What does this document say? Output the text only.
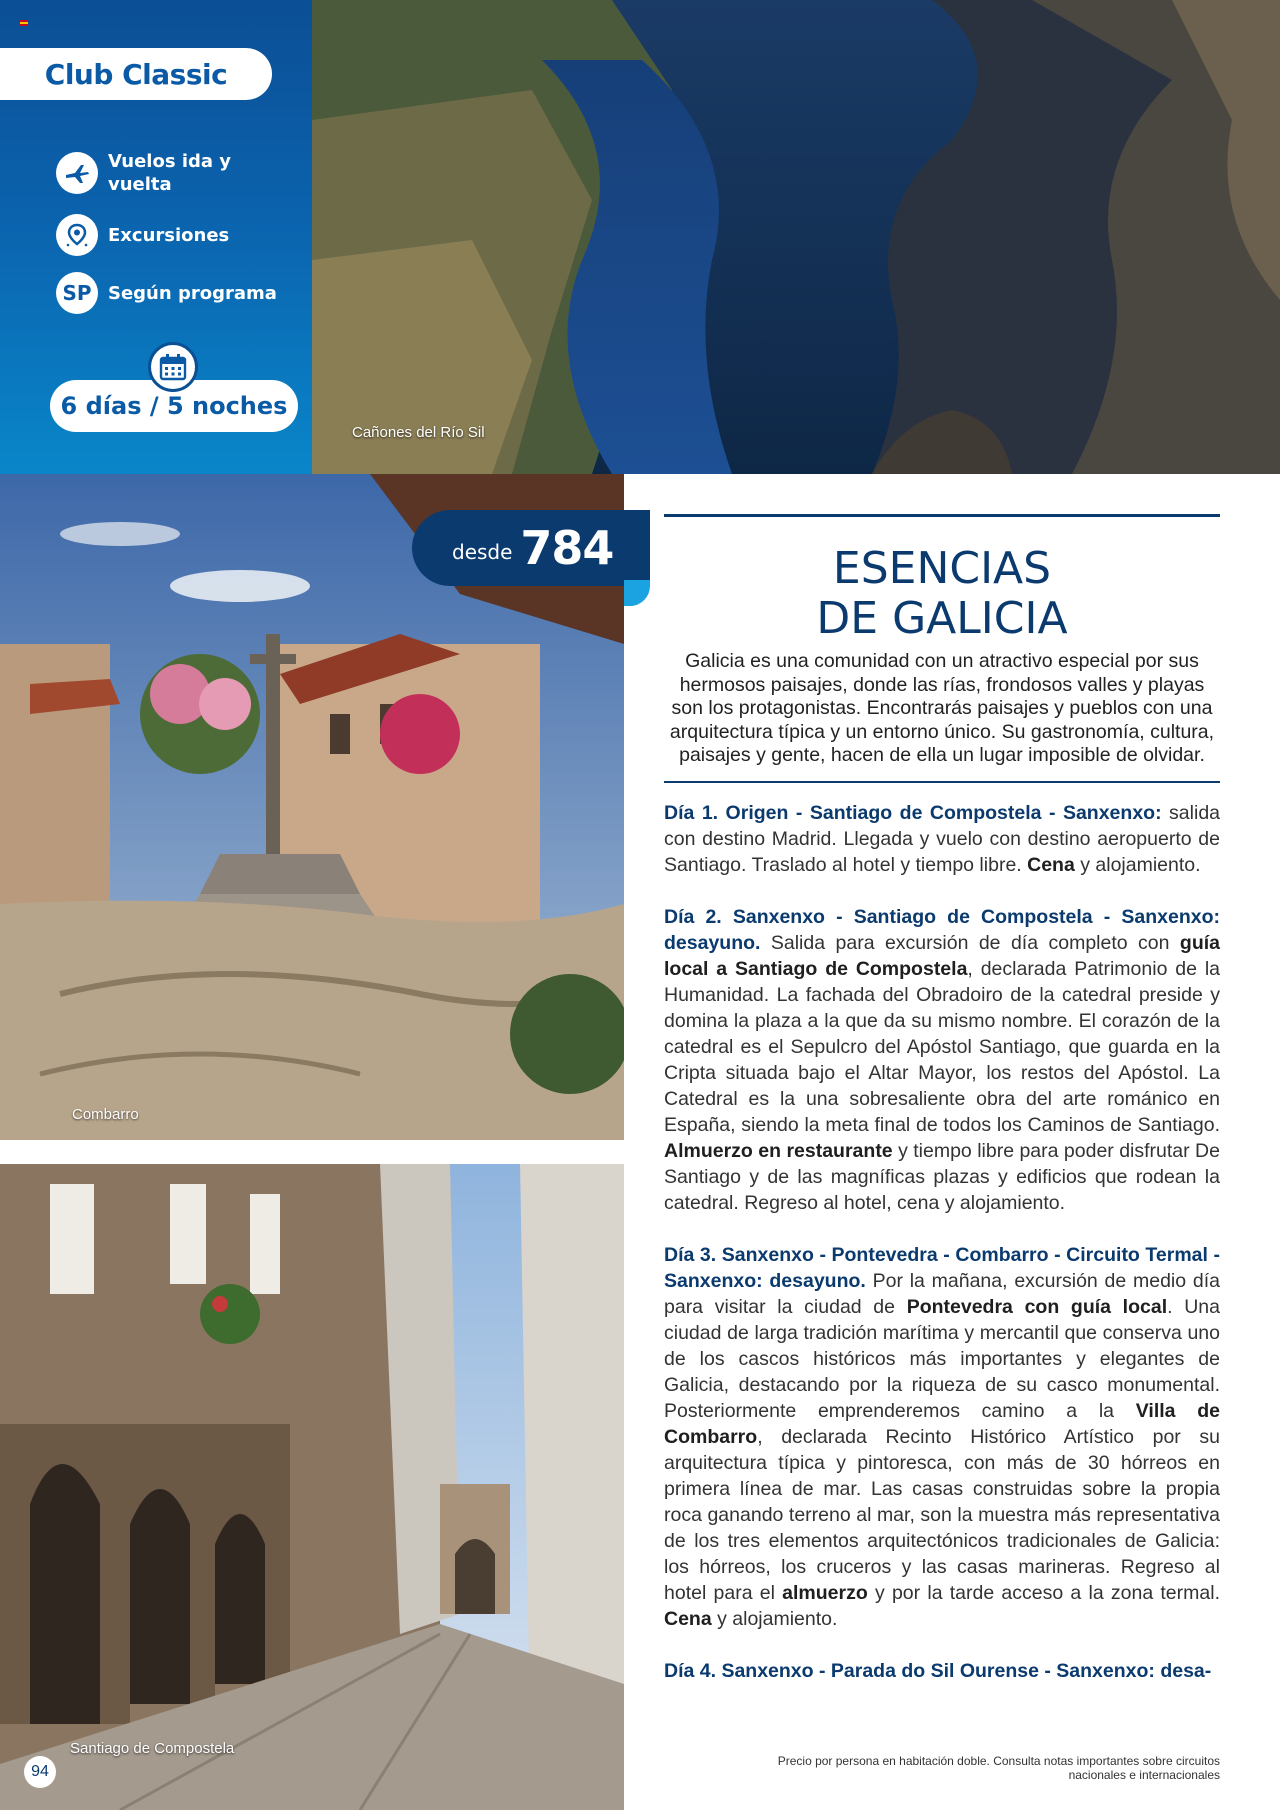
Cañones del Río Sil
Club Classic
Vuelos ida y vuelta
Excursiones
SP Según programa
6 días / 5 noches
Combarro
desde 784
Santiago de Compostela
94
ESENCIAS
DE GALICIA

Galicia es una comunidad con un atractivo especial por sus hermosos paisajes, donde las rías, frondosos valles y playas son los protagonistas. Encontrarás paisajes y pueblos con una arquitectura típica y un entorno único. Su gastronomía, cultura, paisajes y gente, hacen de ella un lugar imposible de olvidar.

Día 1. Origen - Santiago de Compostela - Sanxenxo: salida con destino Madrid. Llegada y vuelo con destino aeropuerto de Santiago. Traslado al hotel y tiempo libre. Cena y alojamiento.

Día 2. Sanxenxo - Santiago de Compostela - Sanxenxo: desayuno. Salida para excursión de día completo con guía local a Santiago de Compostela, declarada Patrimonio de la Humanidad. La fachada del Obradoiro de la catedral preside y domina la plaza a la que da su mismo nombre. El corazón de la catedral es el Sepulcro del Apóstol Santiago, que guarda en la Cripta situada bajo el Altar Mayor, los restos del Apóstol. La Catedral es la una sobresaliente obra del arte románico en España, siendo la meta final de todos los Caminos de Santiago. Almuerzo en restaurante y tiempo libre para poder disfrutar De Santiago y de las magníficas plazas y edificios que rodean la catedral. Regreso al hotel, cena y alojamiento.

Día 3. Sanxenxo - Pontevedra - Combarro - Circuito Termal - Sanxenxo: desayuno. Por la mañana, excursión de medio día para visitar la ciudad de Pontevedra con guía local. Una ciudad de larga tradición marítima y mercantil que conserva uno de los cascos históricos más importantes y elegantes de Galicia, destacando por la riqueza de su casco monumental. Posteriormente emprenderemos camino a la Villa de Combarro, declarada Recinto Histórico Artístico por su arquitectura típica y pintoresca, con más de 30 hórreos en primera línea de mar. Las casas construidas sobre la propia roca ganando terreno al mar, son la muestra más representativa de los tres elementos arquitectónicos tradicionales de Galicia: los hórreos, los cruceros y las casas marineras. Regreso al hotel para el almuerzo y por la tarde acceso a la zona termal. Cena y alojamiento.

Día 4. Sanxenxo - Parada do Sil Ourense - Sanxenxo: desa-

Precio por persona en habitación doble. Consulta notas importantes sobre circuitos nacionales e internacionales
